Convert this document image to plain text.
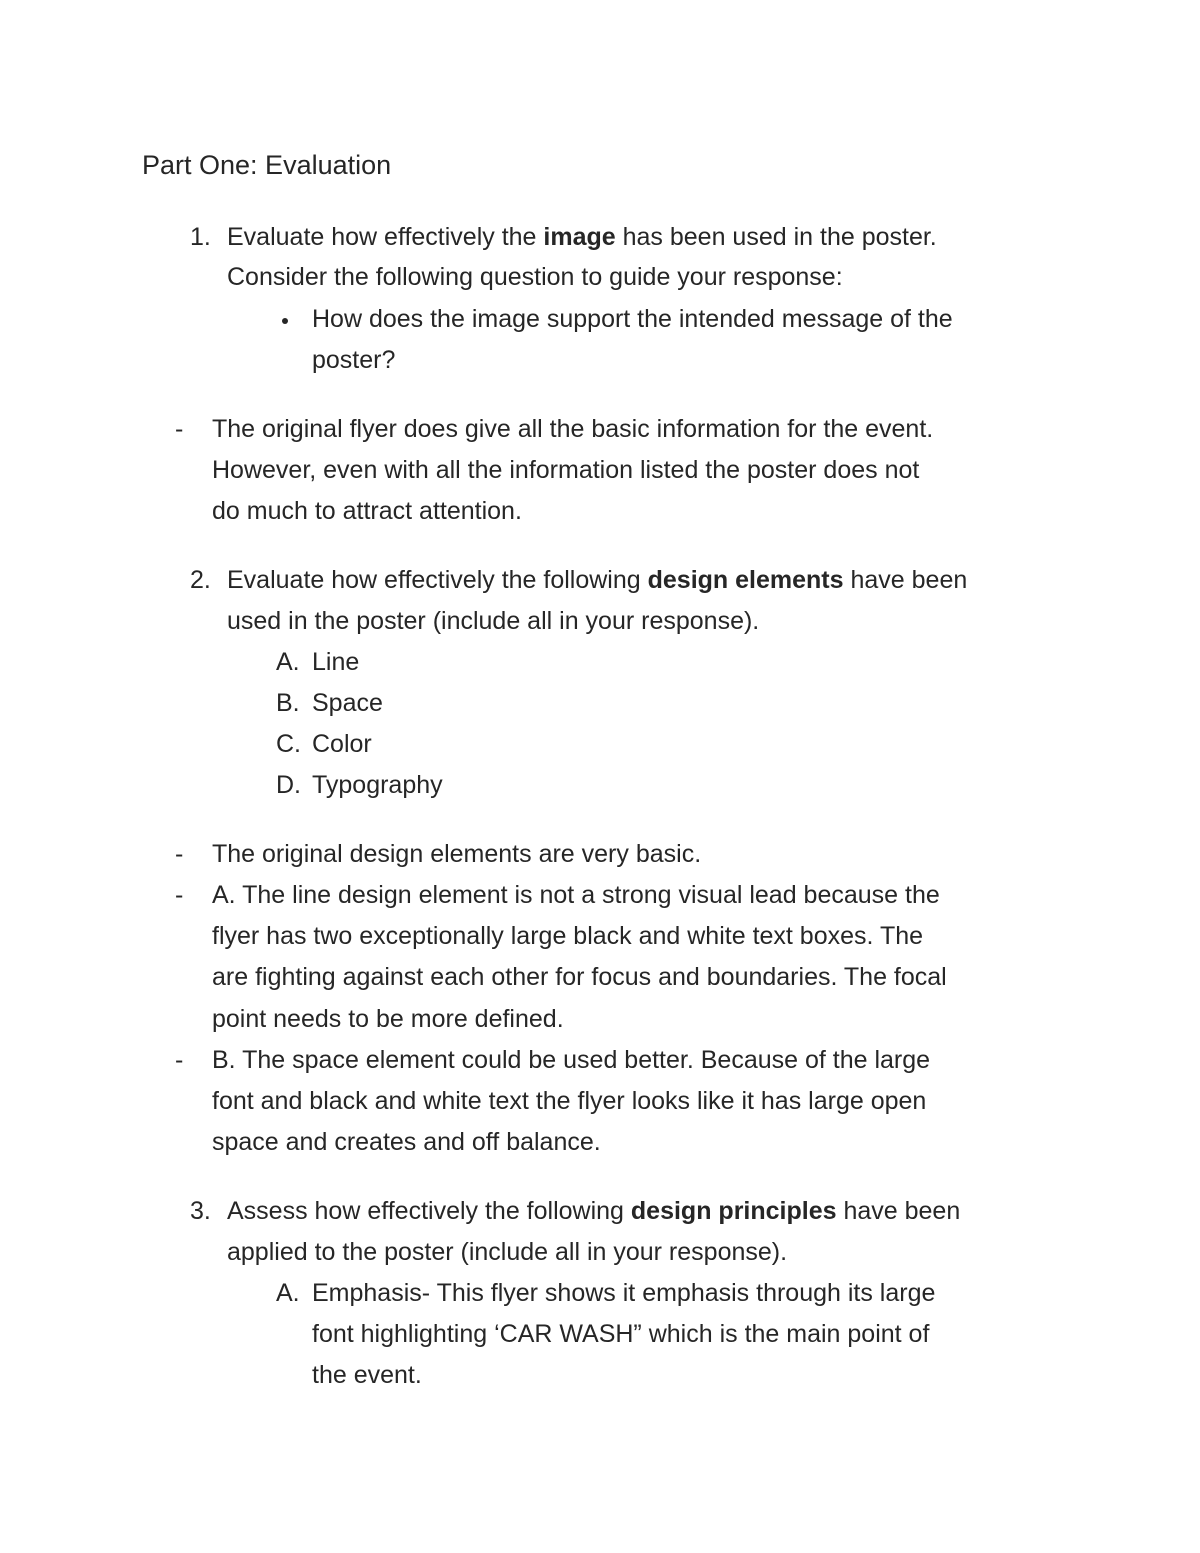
Part One: Evaluation
1. Evaluate how effectively the image has been used in the poster.
Consider the following question to guide your response:
How does the image support the intended message of the
poster?
- The original flyer does give all the basic information for the event.
However, even with all the information listed the poster does not
do much to attract attention.
2. Evaluate how effectively the following design elements have been
used in the poster (include all in your response).
A. Line
B. Space
C. Color
D. Typography
- The original design elements are very basic.
- A. The line design element is not a strong visual lead because the
flyer has two exceptionally large black and white text boxes. The
are fighting against each other for focus and boundaries. The focal
point needs to be more defined.
- B. The space element could be used better. Because of the large
font and black and white text the flyer looks like it has large open
space and creates and off balance.
3. Assess how effectively the following design principles have been
applied to the poster (include all in your response).
A. Emphasis- This flyer shows it emphasis through its large
font highlighting ‘CAR WASH” which is the main point of
the event.
